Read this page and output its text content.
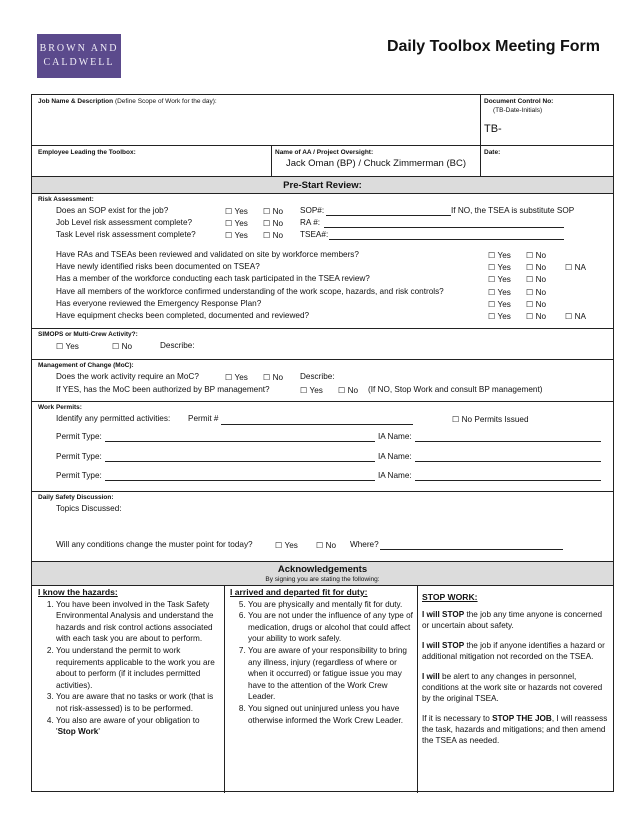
BROWN AND
CALDWELL
Daily Toolbox Meeting Form
Job Name & Description (Define Scope of Work for the day):	Document Control No:
(TB-Date-Initials)
TB-
Employee Leading the Toolbox:	Name of AA / Project Oversight:
Jack Oman (BP) / Chuck Zimmerman (BC)
Date:
Pre-Start Review:
Risk Assessment:
Does an SOP exist for the job? ☐	Yes ☐	No SOP#:	If NO, the TSEA is substitute SOP
Job Level risk assessment complete? ☐	Yes ☐	No RA #:
Task Level risk assessment complete? ☐	Yes ☐	No TSEA#:
Have RAs and TSEAs been reviewed and validated on site by workforce members? ☐	Yes ☐	No
Have newly identified risks been documented on TSEA? ☐	Yes ☐	No ☐	NA
Has a member of the workforce conducting each task participated in the TSEA review? ☐	Yes ☐	No
Have all members of the workforce confirmed understanding of the work scope, hazards, and risk controls? ☐	Yes ☐	No
Has everyone reviewed the Emergency Response Plan? ☐	Yes ☐	No
Have equipment checks been completed, documented and reviewed? ☐	Yes ☐	No ☐	NA
SIMOPS or Multi-Crew Activity?:
☐ Yes ☐	No	Describe:
Management of Change (MoC):
Does the work activity require an MoC? ☐	Yes ☐	No Describe:
If YES, has the MoC been authorized by BP management? ☐	Yes ☐	No (If NO, Stop Work and consult BP management)
Work Permits:
Identify any permitted activities: Permit # ☐	No Permits Issued
Permit Type:	IA Name:
Permit Type:	IA Name:
Permit Type:	IA Name:
Daily Safety Discussion:
Topics Discussed:
Will any conditions change the muster point for today? ☐	Yes ☐	No Where?
Acknowledgements
By signing you are stating the following:
I know the hazards:
1. You have been involved in the Task Safety Environmental Analysis and understand the hazards and risk control actions associated with each task you are about to perform.
2. You understand the permit to work requirements applicable to the work you are about to perform (if it includes permitted activities).
3. You are aware that no tasks or work (that is not risk-assessed) is to be performed.
4. You also are aware of your obligation to 'Stop Work'
I arrived and departed fit for duty:
5. You are physically and mentally fit for duty.
6. You are not under the influence of any type of medication, drugs or alcohol that could affect your ability to work safely.
7. You are aware of your responsibility to bring any illness, injury (regardless of where or when it occurred) or fatigue issue you may have to the attention of the Work Crew Leader.
8. You signed out uninjured unless you have otherwise informed the Work Crew Leader.
STOP WORK:

I will STOP the job any time anyone is concerned or uncertain about safety.

I will STOP the job if anyone identifies a hazard or additional mitigation not recorded on the TSEA.

I will be alert to any changes in personnel, conditions at the work site or hazards not covered by the original TSEA.

If it is necessary to STOP THE JOB, I will reassess the task, hazards and mitigations; and then amend the TSEA as needed.
